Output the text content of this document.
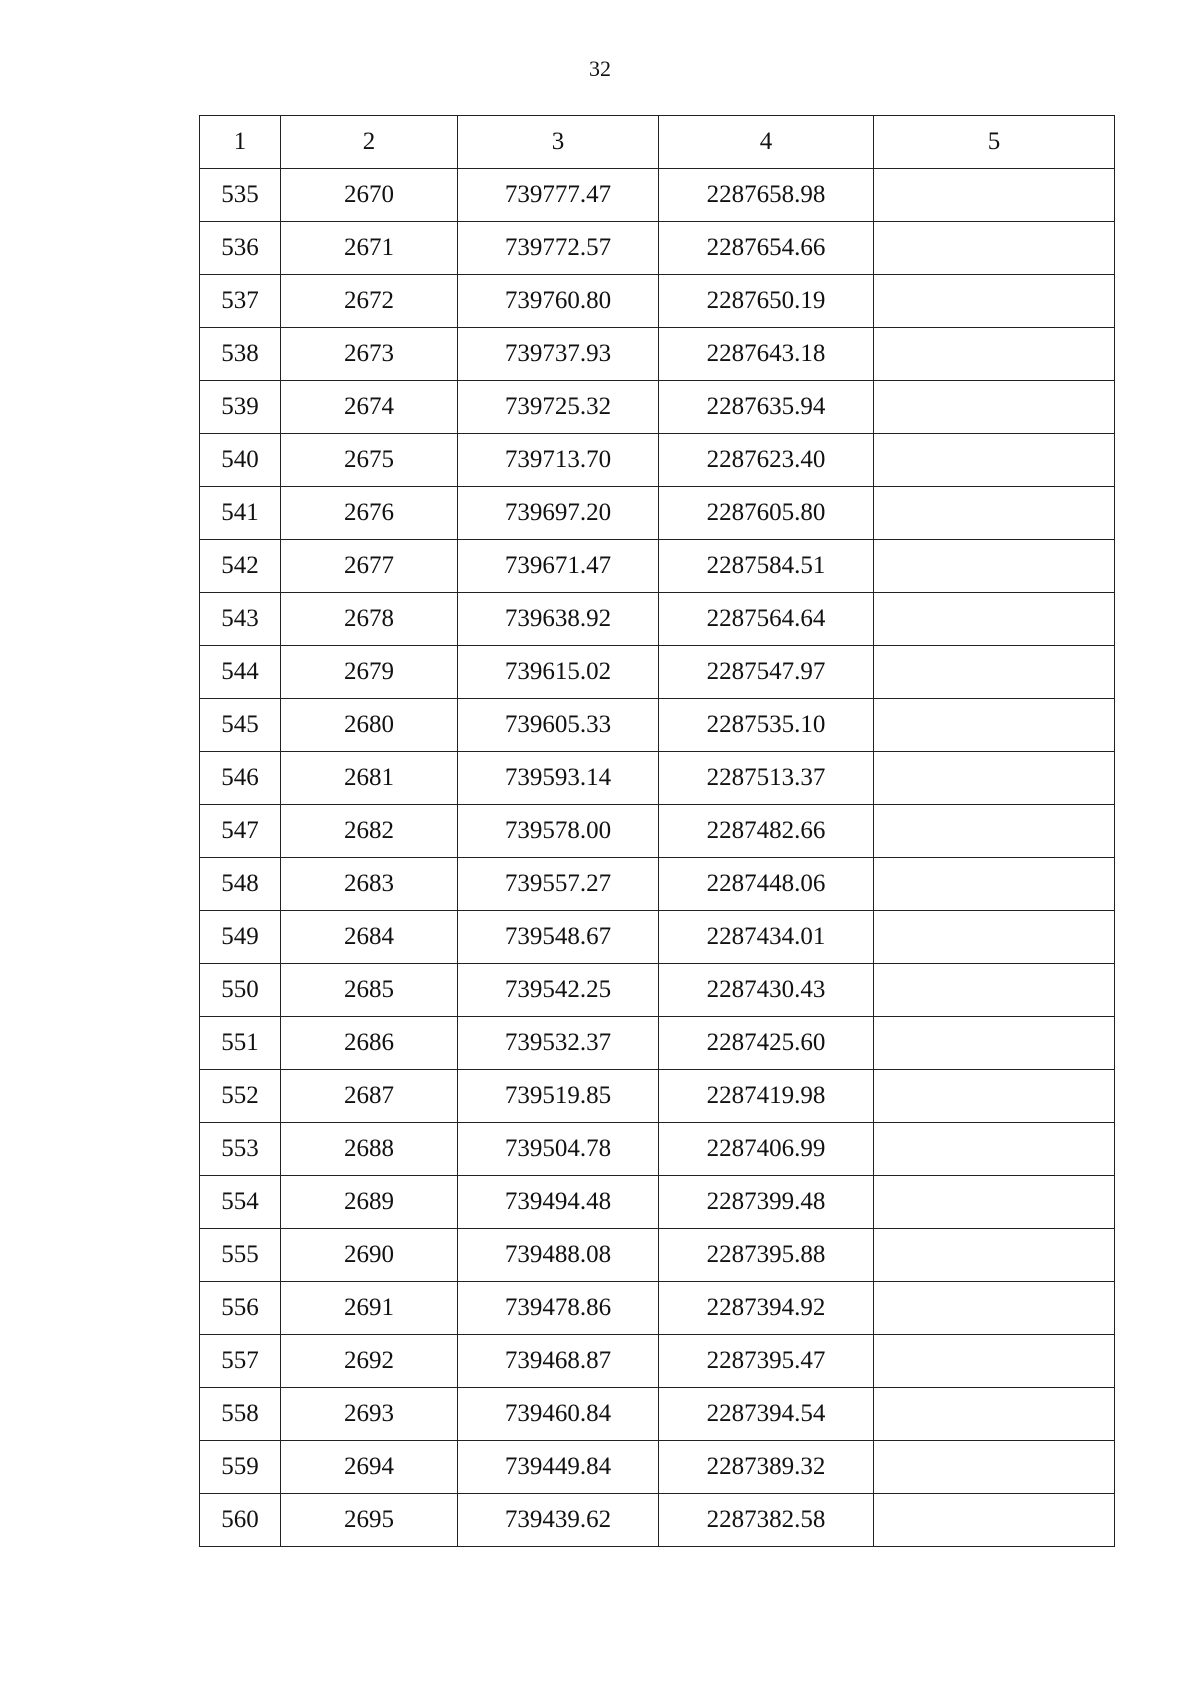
32
1	2	3	4	5
535	2670	739777.47	2287658.98	
536	2671	739772.57	2287654.66	
537	2672	739760.80	2287650.19	
538	2673	739737.93	2287643.18	
539	2674	739725.32	2287635.94	
540	2675	739713.70	2287623.40	
541	2676	739697.20	2287605.80	
542	2677	739671.47	2287584.51	
543	2678	739638.92	2287564.64	
544	2679	739615.02	2287547.97	
545	2680	739605.33	2287535.10	
546	2681	739593.14	2287513.37	
547	2682	739578.00	2287482.66	
548	2683	739557.27	2287448.06	
549	2684	739548.67	2287434.01	
550	2685	739542.25	2287430.43	
551	2686	739532.37	2287425.60	
552	2687	739519.85	2287419.98	
553	2688	739504.78	2287406.99	
554	2689	739494.48	2287399.48	
555	2690	739488.08	2287395.88	
556	2691	739478.86	2287394.92	
557	2692	739468.87	2287395.47	
558	2693	739460.84	2287394.54	
559	2694	739449.84	2287389.32	
560	2695	739439.62	2287382.58	
